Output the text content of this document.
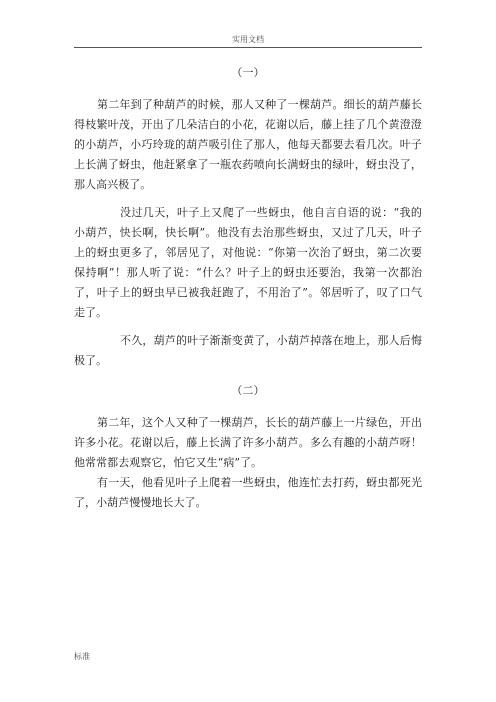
实用文档
（一）

第二年到了种葫芦的时候，那人又种了一棵葫芦。细长的葫芦藤长得枝繁叶茂，开出了几朵洁白的小花，花谢以后，藤上挂了几个黄澄澄的小葫芦，小巧玲珑的葫芦吸引住了那人，他每天都要去看几次。叶子上长满了蚜虫，他赶紧拿了一瓶农药喷向长满蚜虫的绿叶，蚜虫没了，那人高兴极了。

没过几天，叶子上又爬了一些蚜虫，他自言自语的说：“我的小葫芦，快长啊，快长啊”。他没有去治那些蚜虫，又过了几天，叶子上的蚜虫更多了，邻居见了，对他说：“你第一次治了蚜虫，第二次要保持啊”！那人听了说：“什么？叶子上的蚜虫还要治，我第一次都治了，叶子上的蚜虫早已被我赶跑了，不用治了”。邻居听了，叹了口气走了。

不久，葫芦的叶子渐渐变黄了，小葫芦掉落在地上，那人后悔极了。

（二）

第二年，这个人又种了一棵葫芦，长长的葫芦藤上一片绿色，开出许多小花。花谢以后，藤上长满了许多小葫芦。多么有趣的小葫芦呀！他常常都去观察它，怕它又生“病”了。

有一天，他看见叶子上爬着一些蚜虫，他连忙去打药，蚜虫都死光了，小葫芦慢慢地长大了。

标准
